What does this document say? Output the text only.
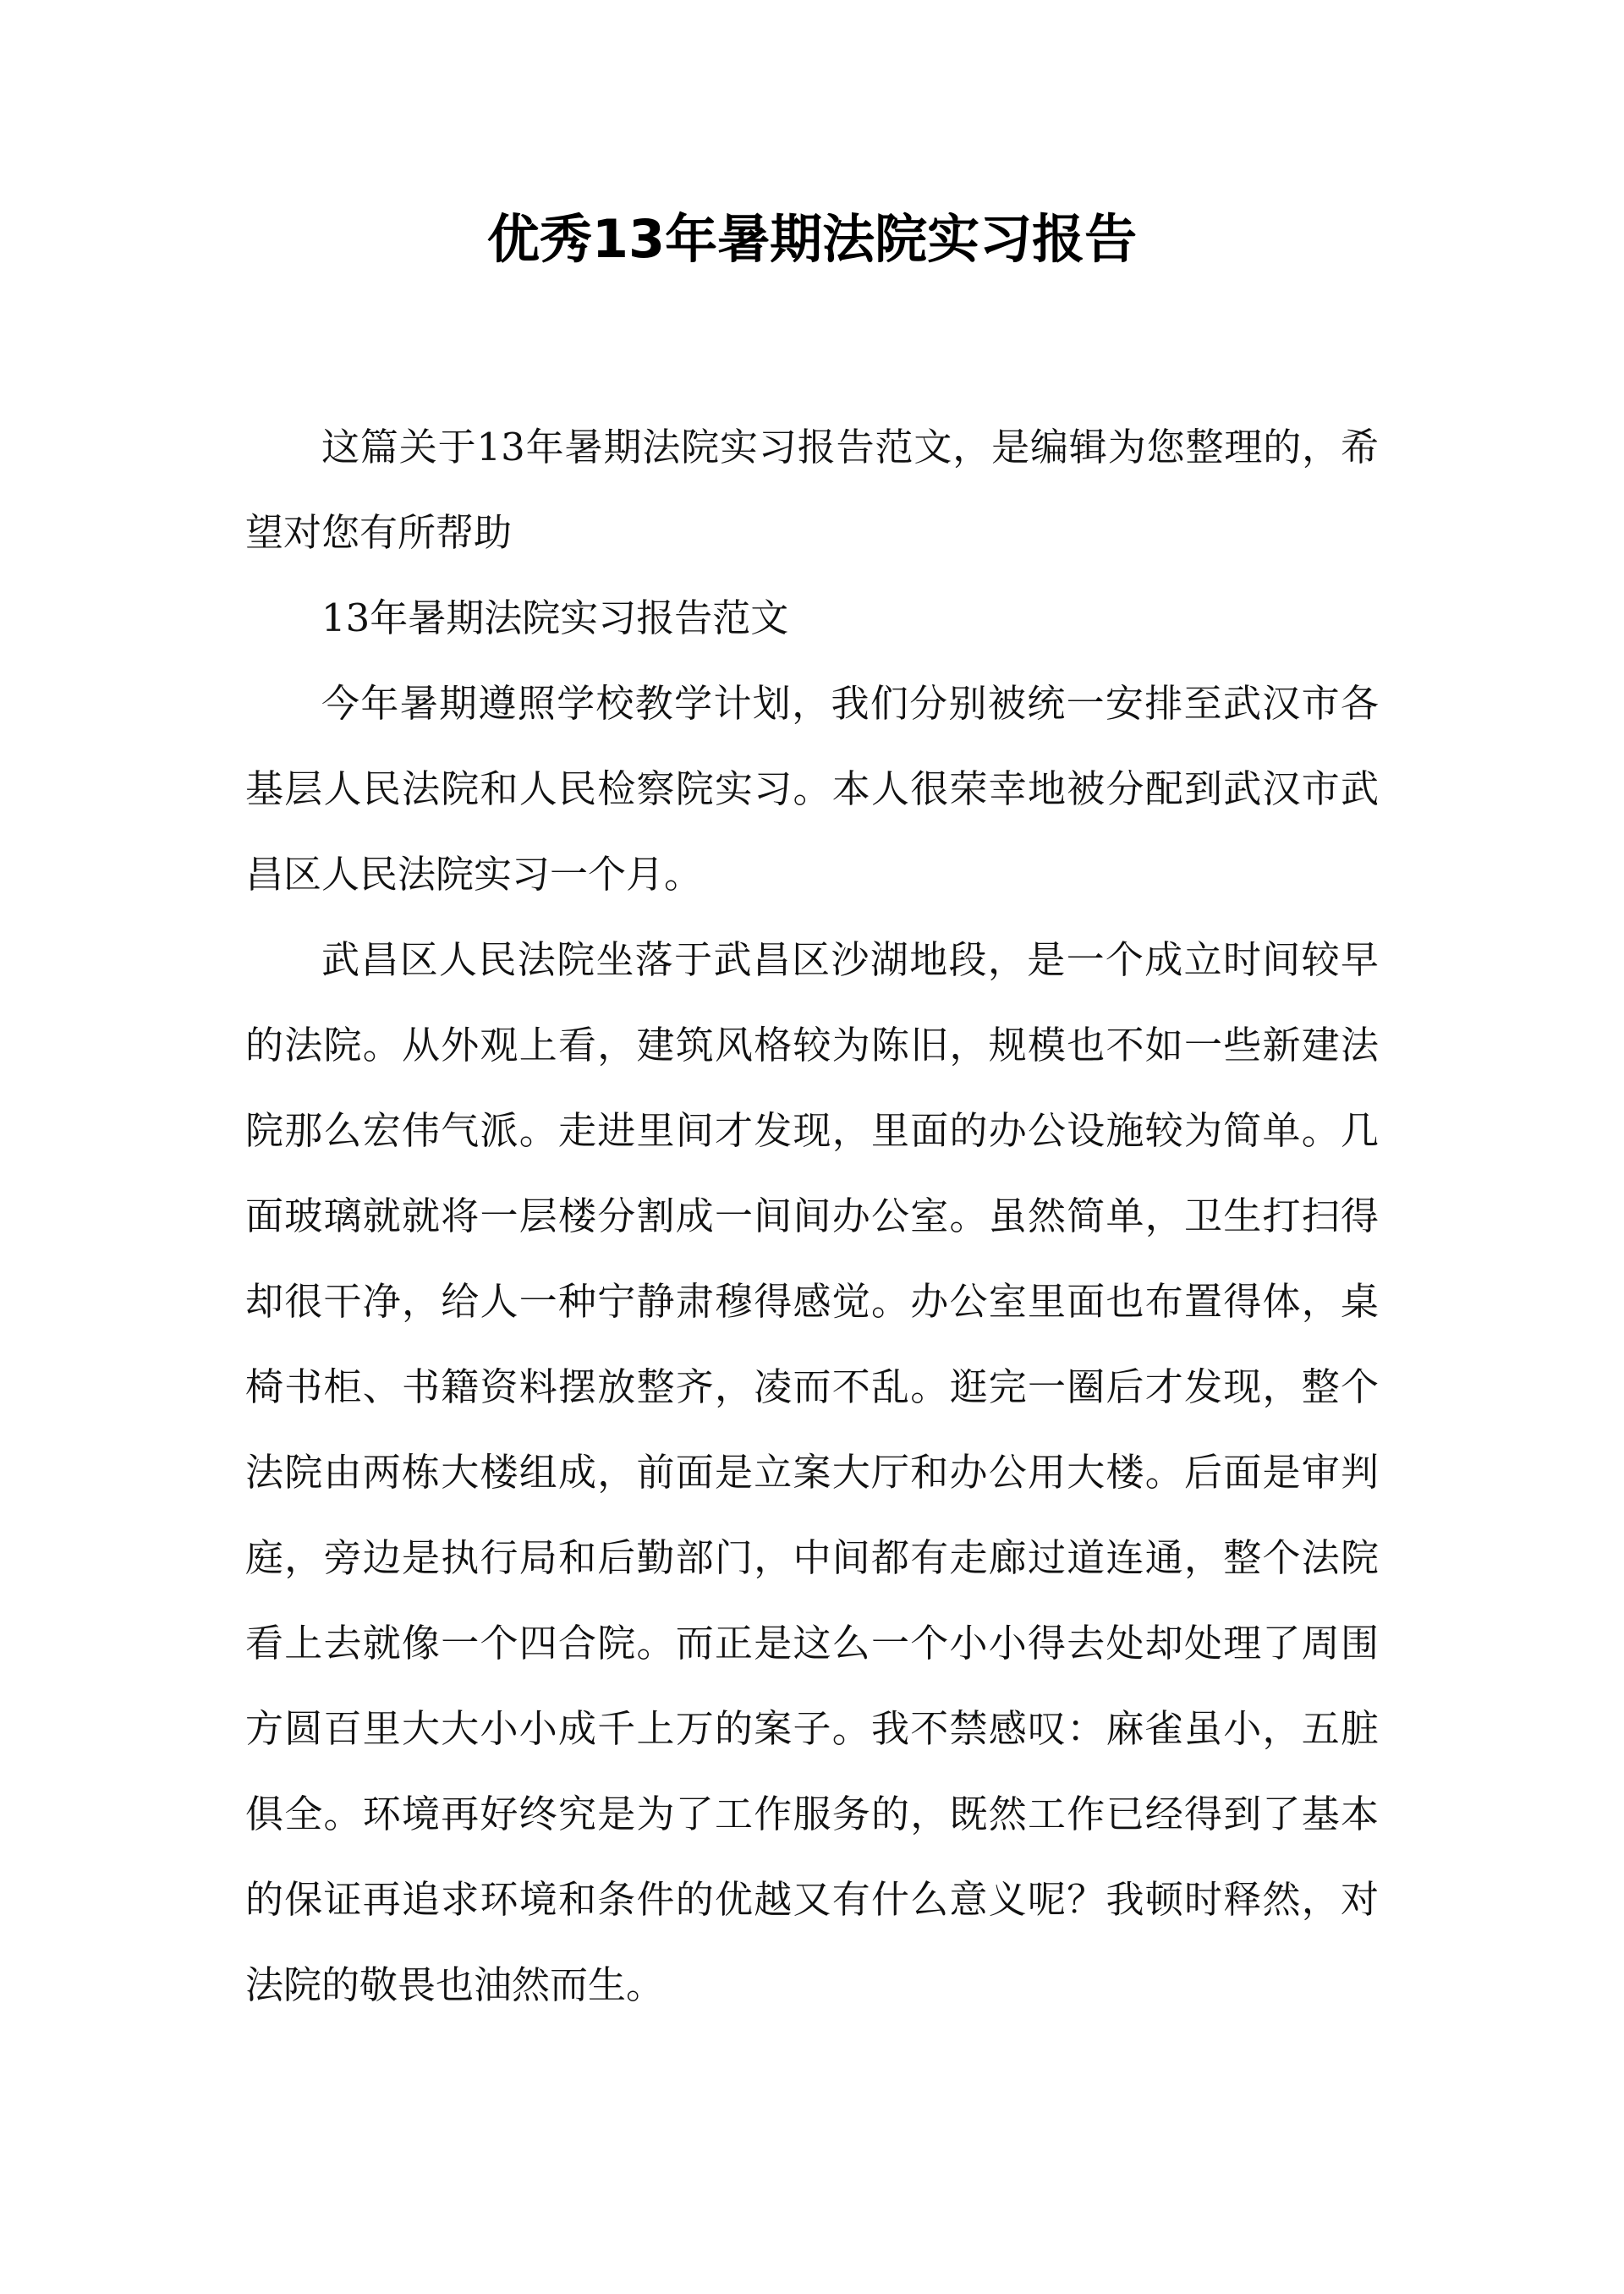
优秀13年暑期法院实习报告

这篇关于13年暑期法院实习报告范文，是编辑为您整理的，希望对您有所帮助

13年暑期法院实习报告范文

今年暑期遵照学校教学计划，我们分别被统一安排至武汉市各基层人民法院和人民检察院实习。本人很荣幸地被分配到武汉市武昌区人民法院实习一个月。

武昌区人民法院坐落于武昌区沙湖地段，是一个成立时间较早的法院。从外观上看，建筑风格较为陈旧，规模也不如一些新建法院那么宏伟气派。走进里间才发现，里面的办公设施较为简单。几面玻璃就就将一层楼分割成一间间办公室。虽然简单，卫生打扫得却很干净，给人一种宁静肃穆得感觉。办公室里面也布置得体，桌椅书柜、书籍资料摆放整齐，凌而不乱。逛完一圈后才发现，整个法院由两栋大楼组成，前面是立案大厅和办公用大楼。后面是审判庭，旁边是执行局和后勤部门，中间都有走廊过道连通，整个法院看上去就像一个四合院。而正是这么一个小小得去处却处理了周围方圆百里大大小小成千上万的案子。我不禁感叹：麻雀虽小，五脏俱全。环境再好终究是为了工作服务的，既然工作已经得到了基本的保证再追求环境和条件的优越又有什么意义呢？我顿时释然，对法院的敬畏也油然而生。
